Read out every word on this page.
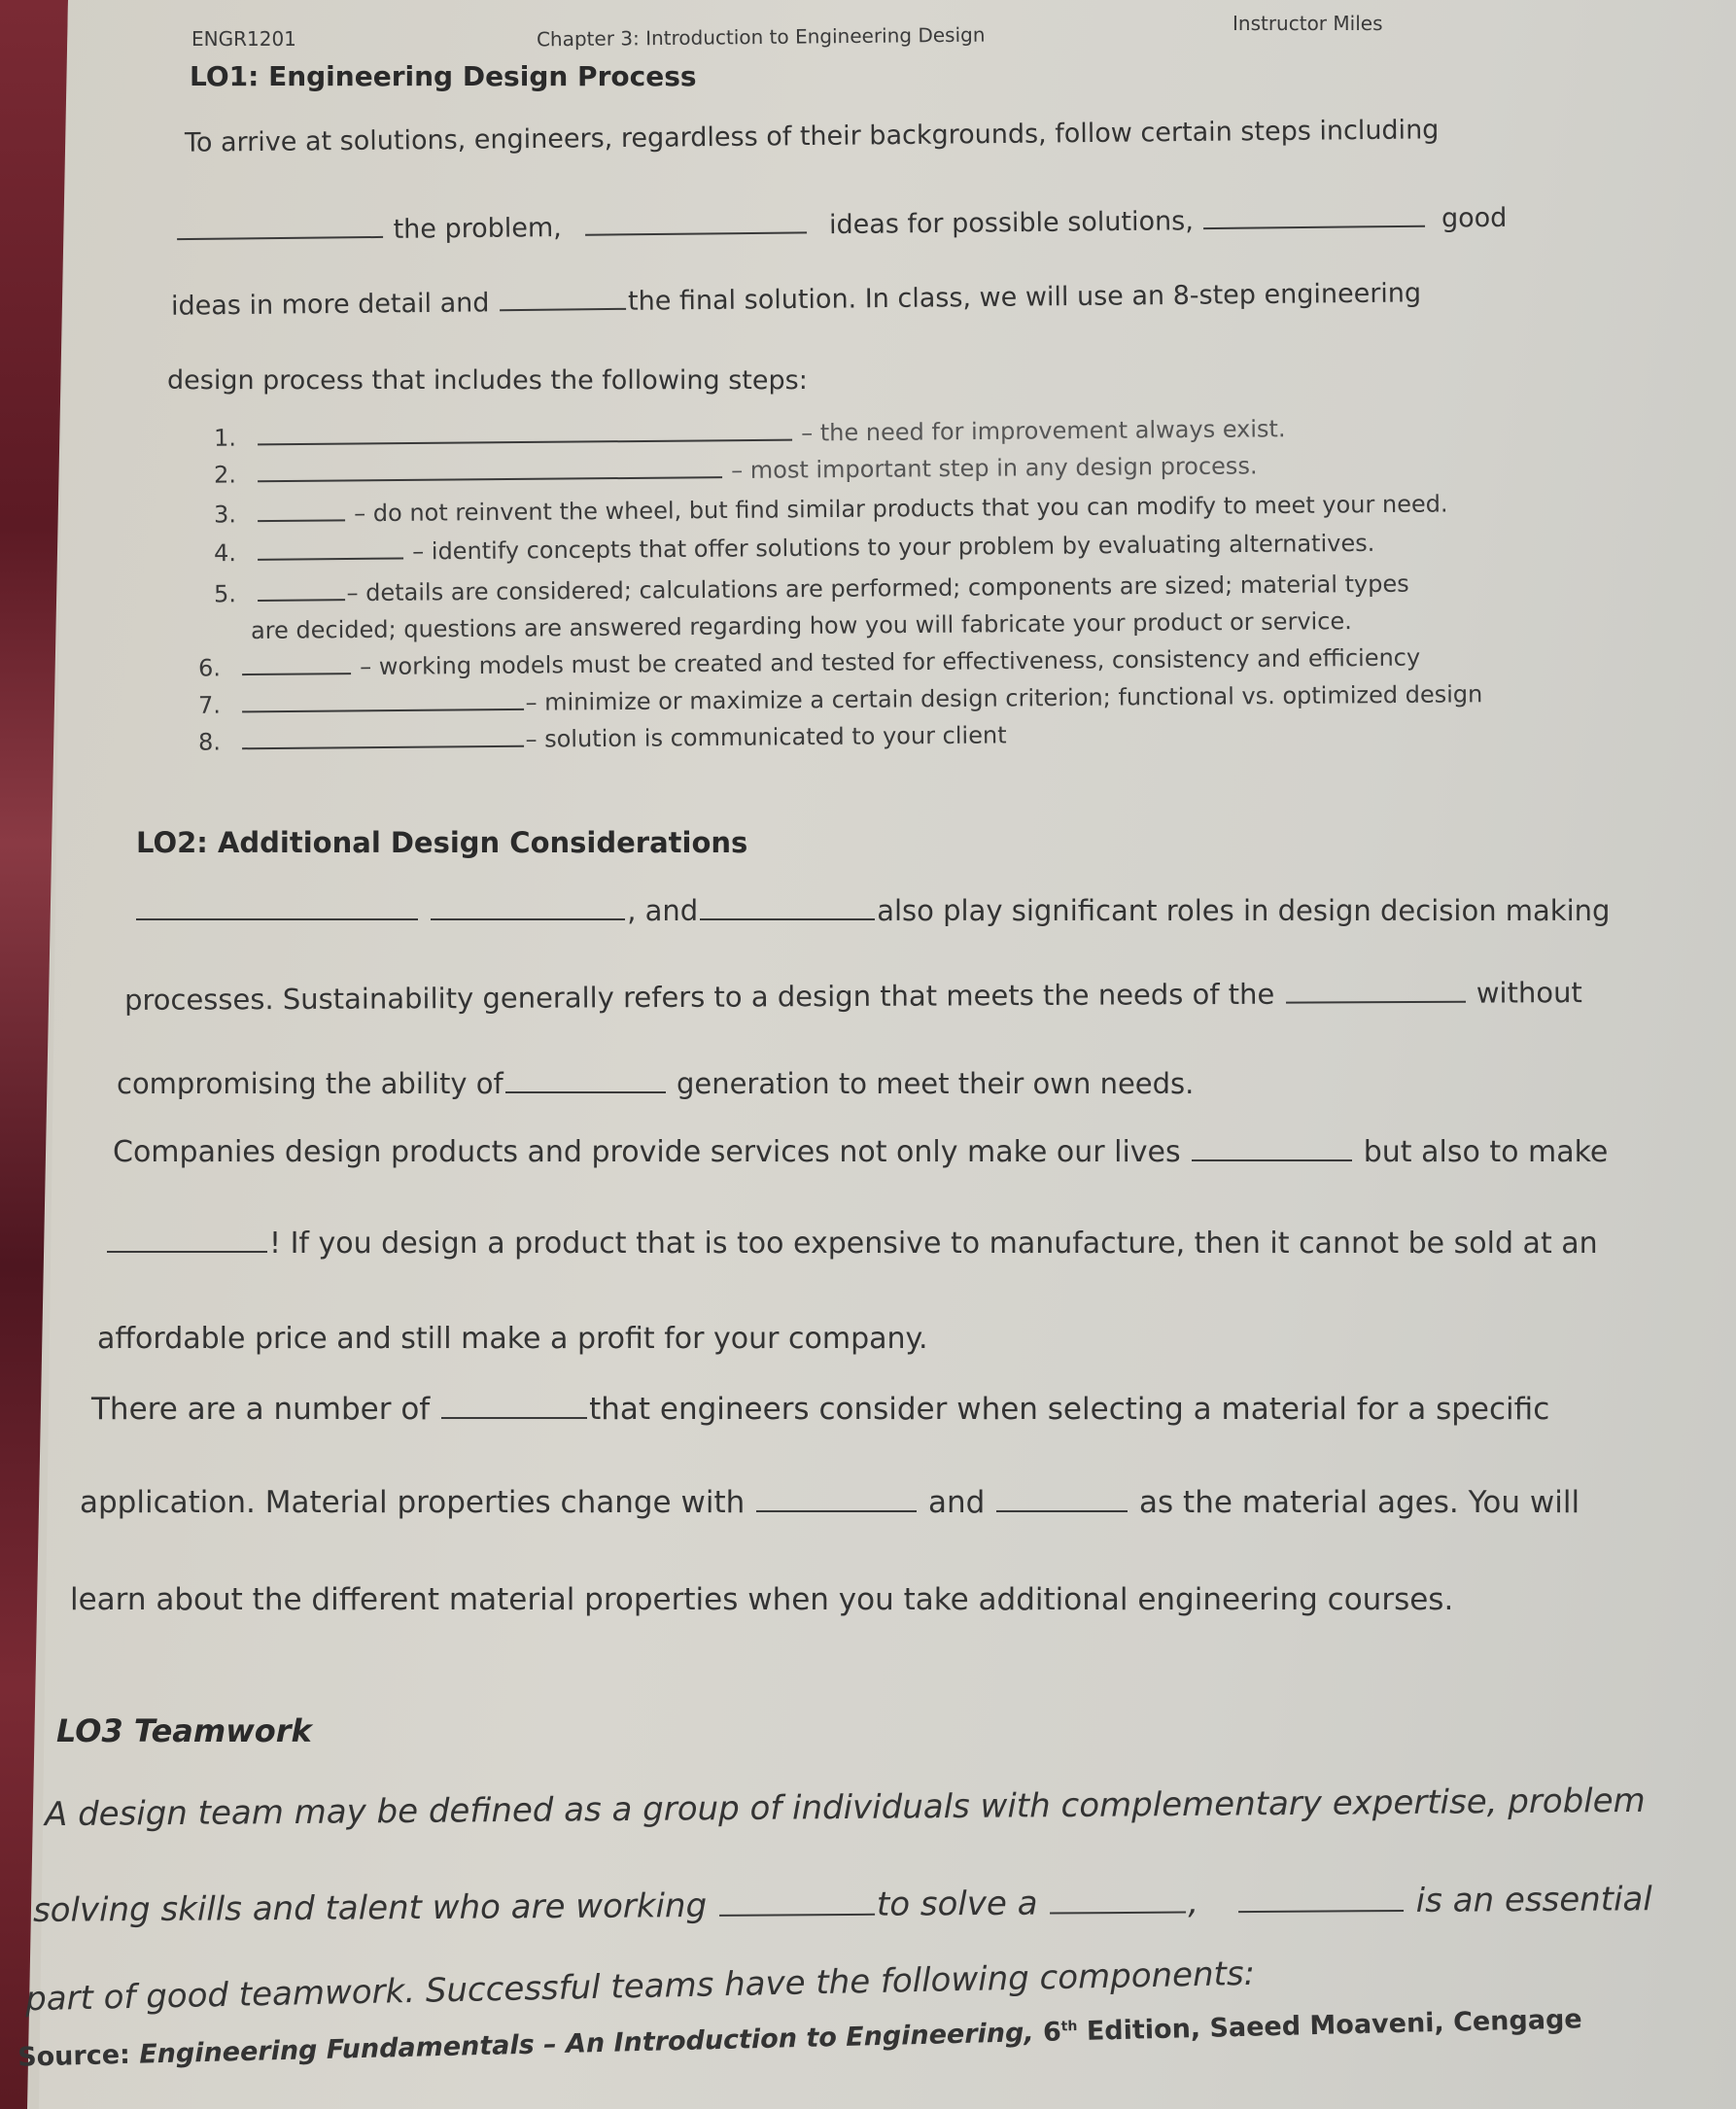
ENGR1201	Chapter 3: Introduction to Engineering Design	Instructor Miles
LO1: Engineering Design Process
To arrive at solutions, engineers, regardless of their backgrounds, follow certain steps including
the problem,	ideas for possible solutions,	good
ideas in more detail and	the final solution. In class, we will use an 8-step engineering
design process that includes the following steps:
1.	– the need for improvement always exist.
2.	– most important step in any design process.
3.	– do not reinvent the wheel, but find similar products that you can modify to meet your need.
4.	– identify concepts that offer solutions to your problem by evaluating alternatives.
5.	– details are considered; calculations are performed; components are sized; material types
are decided; questions are answered regarding how you will fabricate your product or service.
6.	– working models must be created and tested for effectiveness, consistency and efficiency
7.	– minimize or maximize a certain design criterion; functional vs. optimized design
8.	– solution is communicated to your client
LO2: Additional Design Considerations
, and	also play significant roles in design decision making
processes. Sustainability generally refers to a design that meets the needs of the	without
compromising the ability of	generation to meet their own needs.
Companies design products and provide services not only make our lives	but also to make
! If you design a product that is too expensive to manufacture, then it cannot be sold at an
affordable price and still make a profit for your company.
There are a number of	that engineers consider when selecting a material for a specific
application. Material properties change with	and	as the material ages. You will
learn about the different material properties when you take additional engineering courses.
LO3 Teamwork
A design team may be defined as a group of individuals with complementary expertise, problem
solving skills and talent who are working	to solve a	,	is an essential
part of good teamwork. Successful teams have the following components:
Source: Engineering Fundamentals – An Introduction to Engineering, 6th Edition, Saeed Moaveni, Cengage
